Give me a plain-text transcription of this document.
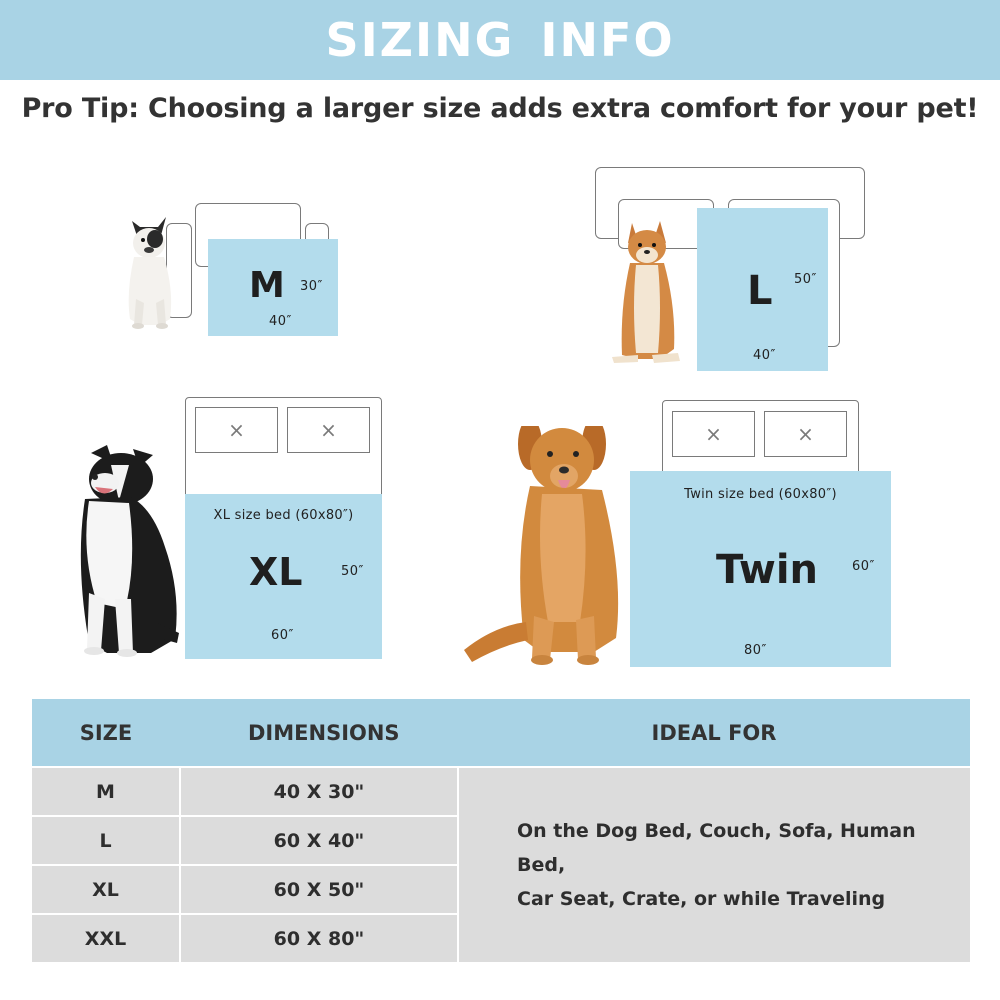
SIZING INFO
Pro Tip: Choosing a larger size adds extra comfort for your pet!
M 30″
40″
L 50″
40″
×	×
XL size bed (60x80″)
XL	50″
60″
×	×
Twin size bed (60x80″)
Twin	60″
80″
SIZE	DIMENSIONS	IDEAL FOR
M	40 X 30"	On the Dog Bed, Couch, Sofa, Human Bed,
Car Seat, Crate, or while Traveling

L	60 X 40"	
XL	60 X 50"	
XXL	60 X 80"	
